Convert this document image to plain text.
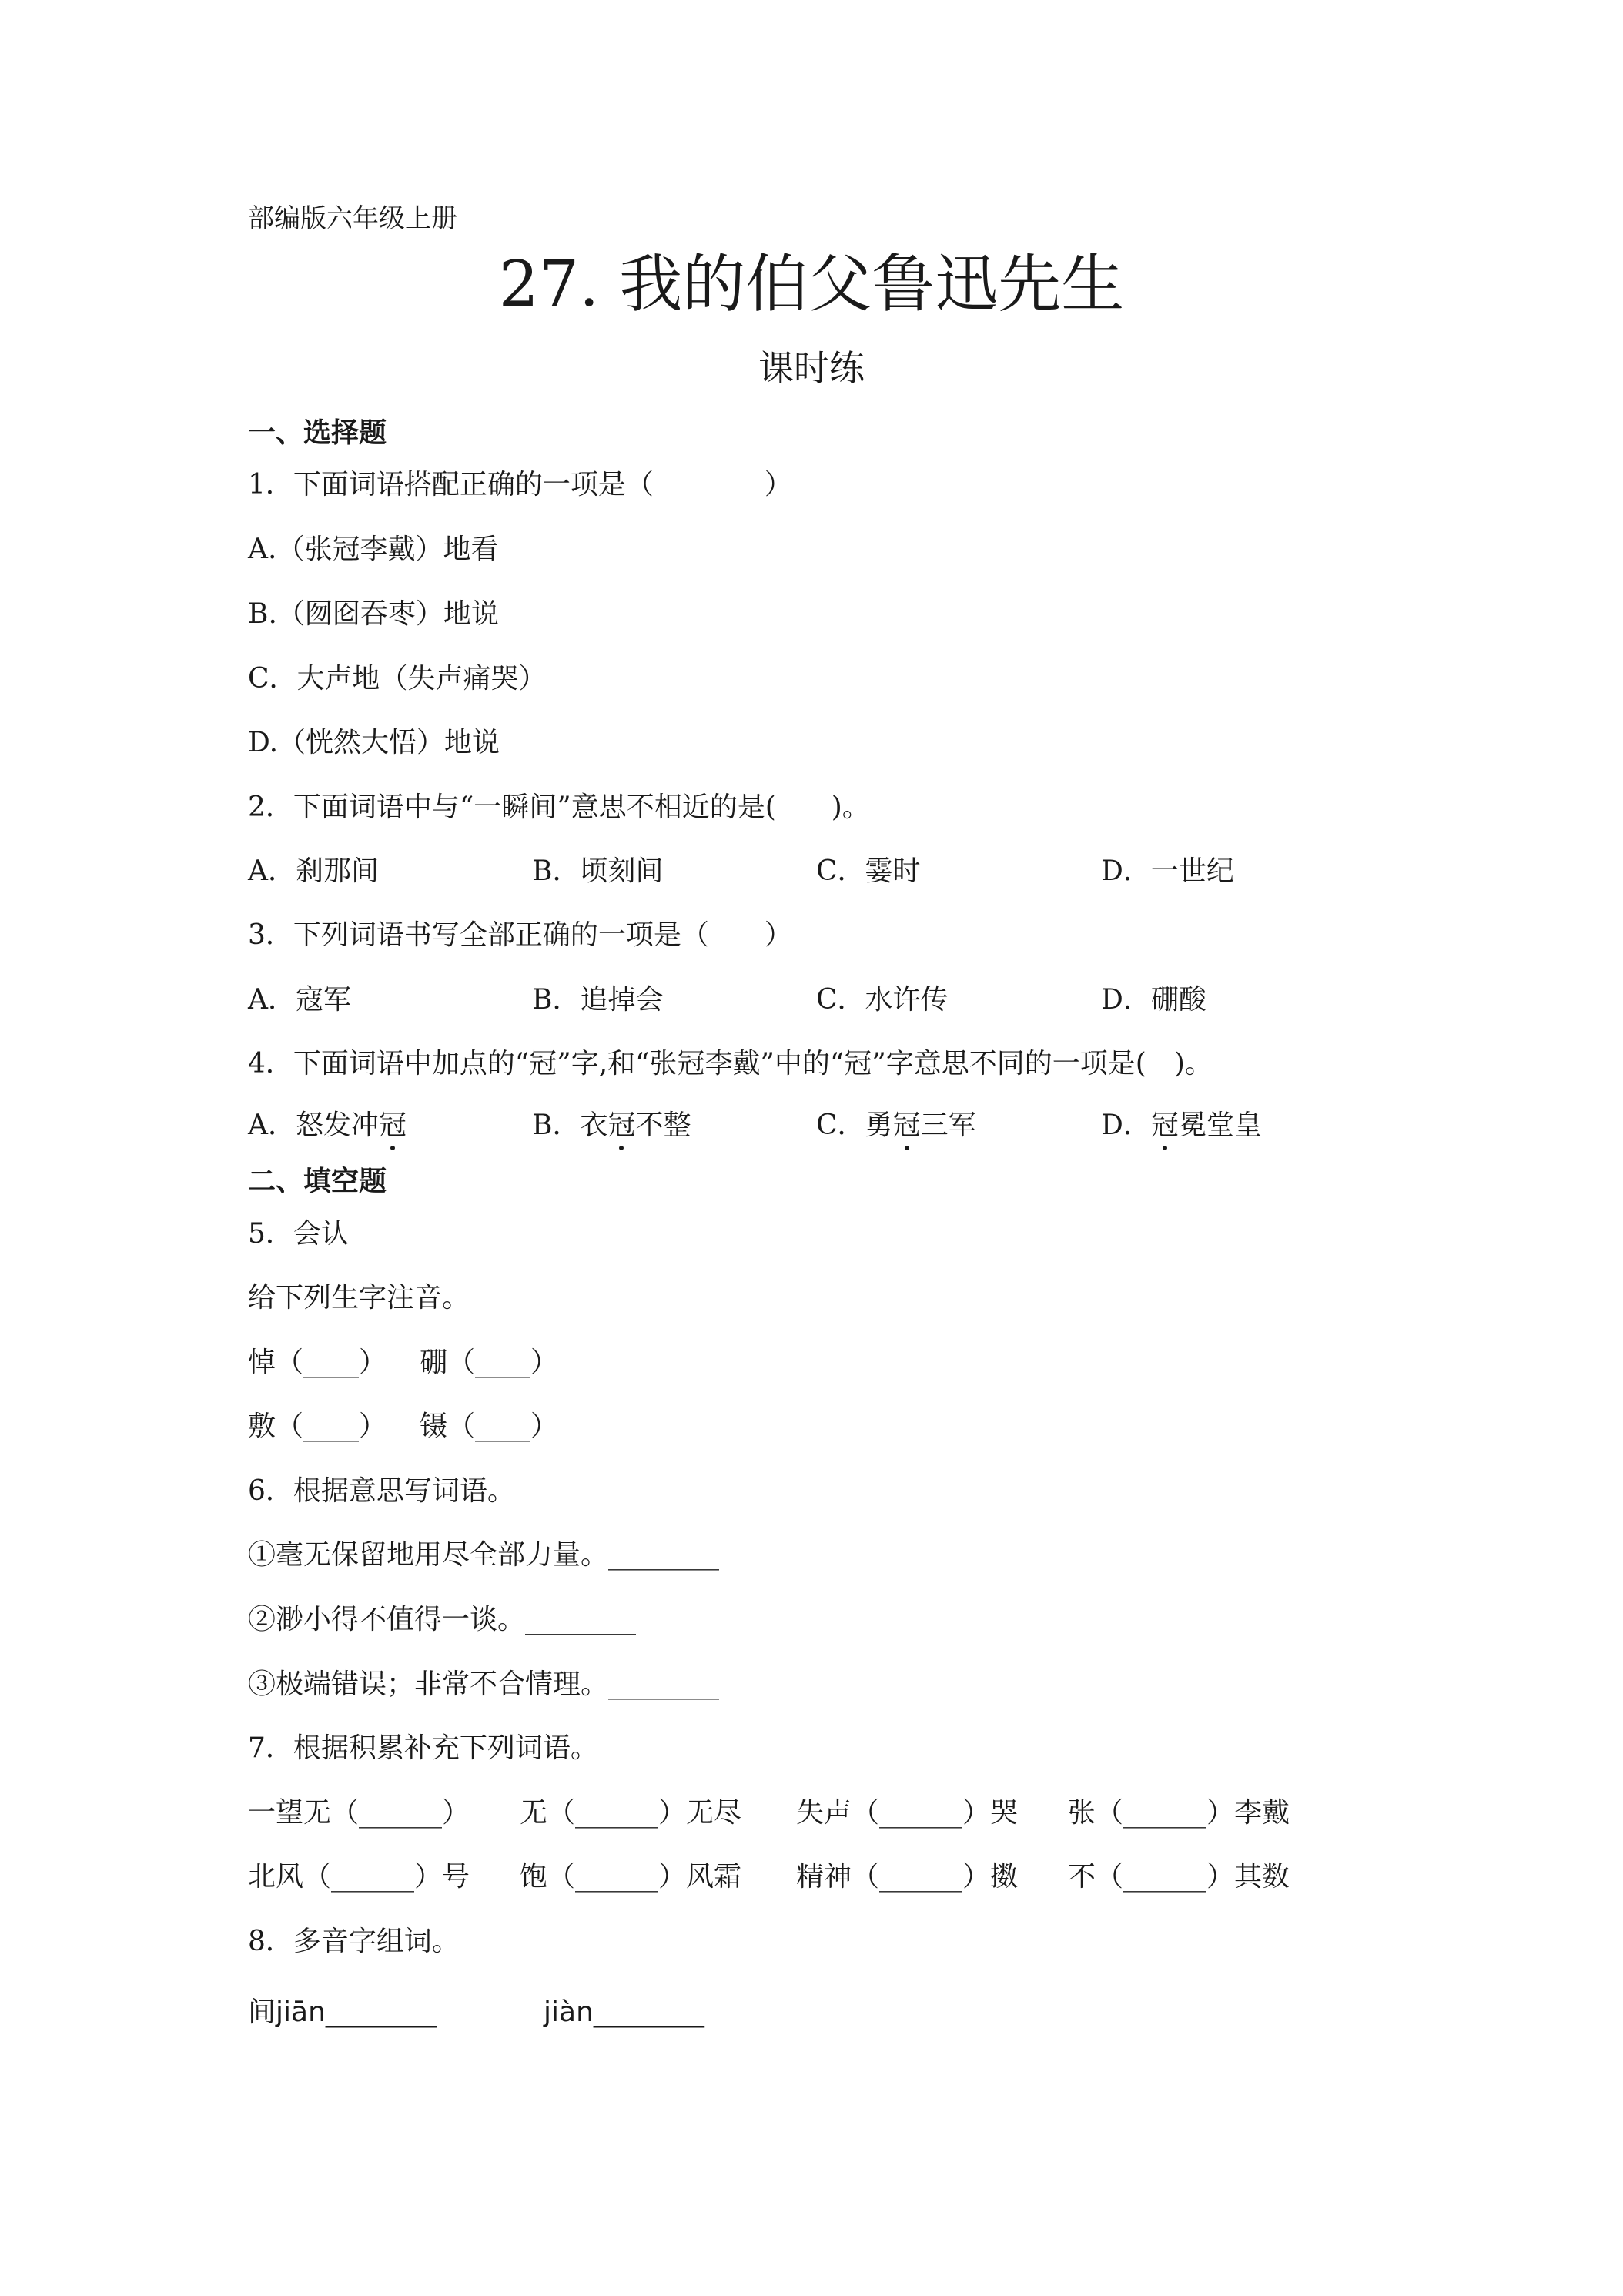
部编版六年级上册
27. 我的伯父鲁迅先生
课时练
一、选择题
1．下面词语搭配正确的一项是（　　　　）
A.（张冠李戴）地看
B.（囫囵吞枣）地说
C．大声地（失声痛哭）
D.（恍然大悟）地说
2．下面词语中与“一瞬间”意思不相近的是(　　)。
A．刹那间	B．顷刻间	C．霎时	D．一世纪
3．下列词语书写全部正确的一项是（　　）
A．寇军	B．追掉会	C．水许传	D．硼酸
4．下面词语中加点的“冠”字,和“张冠李戴”中的“冠”字意思不同的一项是(　)。
A．怒发冲冠	B．衣冠不整	C．勇冠三军	D．冠冕堂皇
二、填空题
5．会认
给下列生字注音。
悼（____） 硼（____）
敷（____） 镊（____）
6．根据意思写词语。
①毫无保留地用尽全部力量。________
②渺小得不值得一谈。________
③极端错误；非常不合情理。________
7．根据积累补充下列词语。
一望无（______） 无（______）无尽 失声（______）哭 张（______）李戴
北风（______）号 饱（______）风霜 精神（______）擞 不（______）其数
8．多音字组词。
间jiān________	jiàn________
